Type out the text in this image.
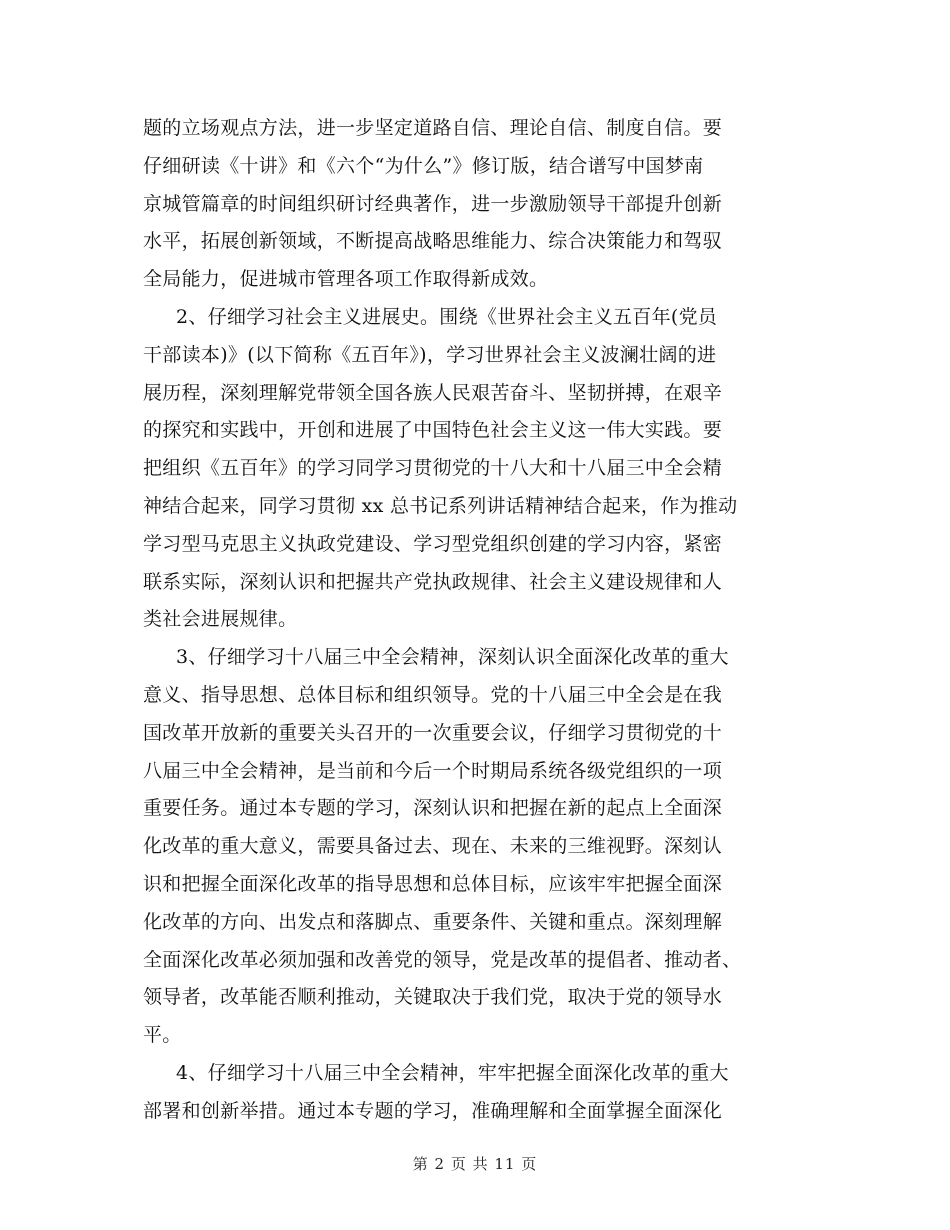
题的立场观点方法，进一步坚定道路自信、理论自信、制度自信。要
仔细研读《十讲》和《六个“为什么”》修订版，结合谱写中国梦南
京城管篇章的时间组织研讨经典著作，进一步激励领导干部提升创新
水平，拓展创新领域，不断提高战略思维能力、综合决策能力和驾驭
全局能力，促进城市管理各项工作取得新成效。
2、仔细学习社会主义进展史。围绕《世界社会主义五百年(党员
干部读本)》(以下简称《五百年》)，学习世界社会主义波澜壮阔的进
展历程，深刻理解党带领全国各族人民艰苦奋斗、坚韧拼搏，在艰辛
的探究和实践中，开创和进展了中国特色社会主义这一伟大实践。要
把组织《五百年》的学习同学习贯彻党的十八大和十八届三中全会精
神结合起来，同学习贯彻 xx 总书记系列讲话精神结合起来，作为推动
学习型马克思主义执政党建设、学习型党组织创建的学习内容，紧密
联系实际，深刻认识和把握共产党执政规律、社会主义建设规律和人
类社会进展规律。
3、仔细学习十八届三中全会精神，深刻认识全面深化改革的重大
意义、指导思想、总体目标和组织领导。党的十八届三中全会是在我
国改革开放新的重要关头召开的一次重要会议，仔细学习贯彻党的十
八届三中全会精神，是当前和今后一个时期局系统各级党组织的一项
重要任务。通过本专题的学习，深刻认识和把握在新的起点上全面深
化改革的重大意义，需要具备过去、现在、未来的三维视野。深刻认
识和把握全面深化改革的指导思想和总体目标，应该牢牢把握全面深
化改革的方向、出发点和落脚点、重要条件、关键和重点。深刻理解
全面深化改革必须加强和改善党的领导，党是改革的提倡者、推动者、
领导者，改革能否顺利推动，关键取决于我们党，取决于党的领导水
平。
4、仔细学习十八届三中全会精神，牢牢把握全面深化改革的重大
部署和创新举措。通过本专题的学习，准确理解和全面掌握全面深化
第 2 页 共 11 页
